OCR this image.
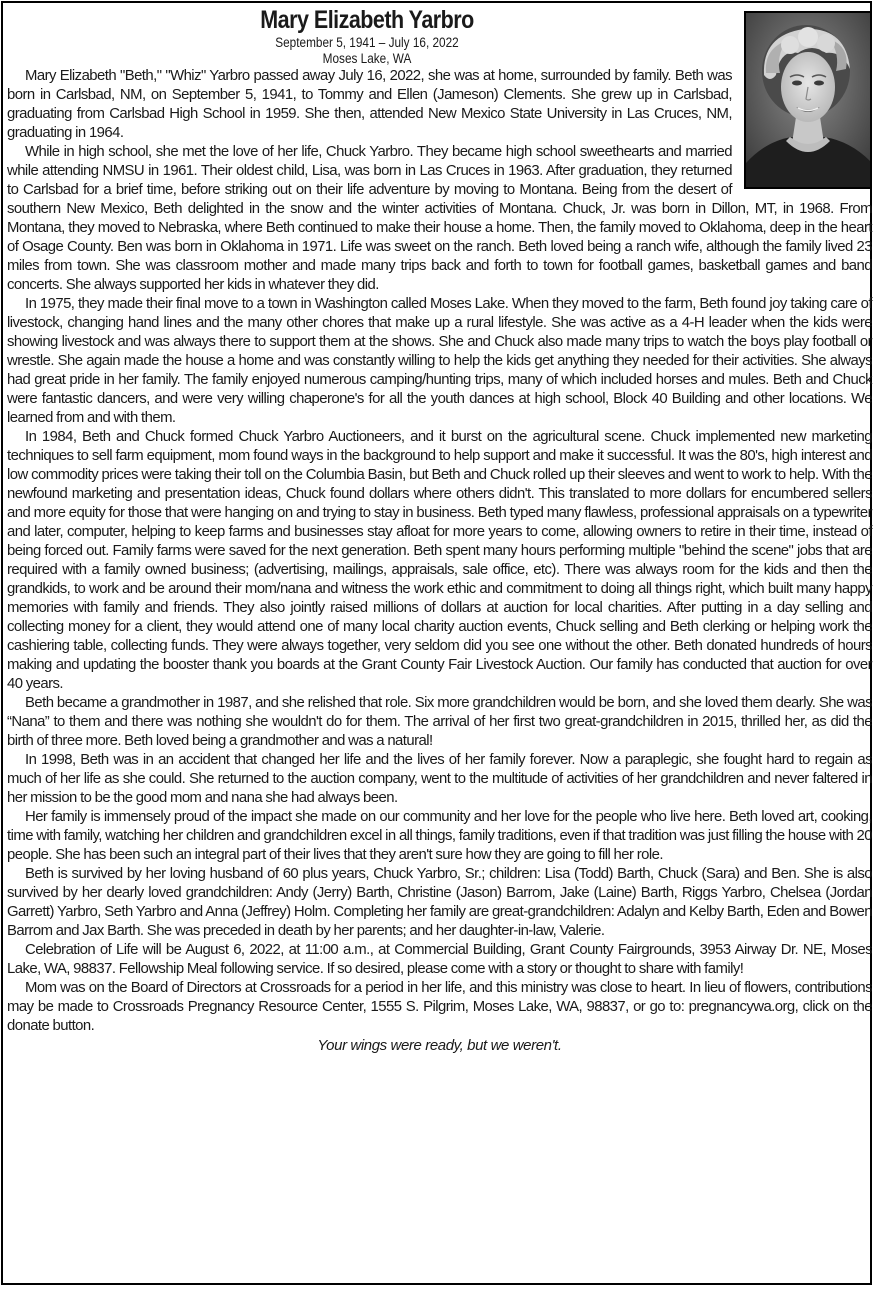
Mary Elizabeth Yarbro
September 5, 1941 – July 16, 2022
Moses Lake, WA

Mary Elizabeth "Beth," "Whiz" Yarbro passed away July 16, 2022, she was at home, surrounded by family. Beth was born in Carlsbad, NM, on September 5, 1941, to Tommy and Ellen (Jameson) Clements. She grew up in Carlsbad, graduating from Carlsbad High School in 1959. She then, attended New Mexico State University in Las Cruces, NM, graduating in 1964.

While in high school, she met the love of her life, Chuck Yarbro. They became high school sweethearts and married while attending NMSU in 1961. Their oldest child, Lisa, was born in Las Cruces in 1963. After graduation, they returned to Carlsbad for a brief time, before striking out on their life adventure by moving to Montana. Being from the desert of southern New Mexico, Beth delighted in the snow and the winter activities of Montana. Chuck, Jr. was born in Dillon, MT, in 1968. From Montana, they moved to Nebraska, where Beth continued to make their house a home. Then, the family moved to Oklahoma, deep in the heart of Osage County. Ben was born in Oklahoma in 1971. Life was sweet on the ranch. Beth loved being a ranch wife, although the family lived 23 miles from town. She was classroom mother and made many trips back and forth to town for football games, basketball games and band concerts. She always supported her kids in whatever they did.

In 1975, they made their final move to a town in Washington called Moses Lake. When they moved to the farm, Beth found joy taking care of livestock, changing hand lines and the many other chores that make up a rural lifestyle. She was active as a 4-H leader when the kids were showing livestock and was always there to support them at the shows. She and Chuck also made many trips to watch the boys play football or wrestle. She again made the house a home and was constantly willing to help the kids get anything they needed for their activities. She always had great pride in her family. The family enjoyed numerous camping/hunting trips, many of which included horses and mules. Beth and Chuck were fantastic dancers, and were very willing chaperone's for all the youth dances at high school, Block 40 Building and other locations. We learned from and with them.

In 1984, Beth and Chuck formed Chuck Yarbro Auctioneers, and it burst on the agricultural scene. Chuck implemented new marketing techniques to sell farm equipment, mom found ways in the background to help support and make it successful. It was the 80's, high interest and low commodity prices were taking their toll on the Columbia Basin, but Beth and Chuck rolled up their sleeves and went to work to help. With the newfound marketing and presentation ideas, Chuck found dollars where others didn't. This translated to more dollars for encumbered sellers and more equity for those that were hanging on and trying to stay in business. Beth typed many flawless, professional appraisals on a typewriter and later, computer, helping to keep farms and businesses stay afloat for more years to come, allowing owners to retire in their time, instead of being forced out. Family farms were saved for the next generation. Beth spent many hours performing multiple "behind the scene" jobs that are required with a family owned business; (advertising, mailings, appraisals, sale office, etc). There was always room for the kids and then the grandkids, to work and be around their mom/nana and witness the work ethic and commitment to doing all things right, which built many happy memories with family and friends. They also jointly raised millions of dollars at auction for local charities. After putting in a day selling and collecting money for a client, they would attend one of many local charity auction events, Chuck selling and Beth clerking or helping work the cashiering table, collecting funds. They were always together, very seldom did you see one without the other. Beth donated hundreds of hours making and updating the booster thank you boards at the Grant County Fair Livestock Auction. Our family has conducted that auction for over 40 years.

Beth became a grandmother in 1987, and she relished that role. Six more grandchildren would be born, and she loved them dearly. She was “Nana” to them and there was nothing she wouldn't do for them. The arrival of her first two great-grandchildren in 2015, thrilled her, as did the birth of three more. Beth loved being a grandmother and was a natural!

In 1998, Beth was in an accident that changed her life and the lives of her family forever. Now a paraplegic, she fought hard to regain as much of her life as she could. She returned to the auction company, went to the multitude of activities of her grandchildren and never faltered in her mission to be the good mom and nana she had always been.

Her family is immensely proud of the impact she made on our community and her love for the people who live here. Beth loved art, cooking, time with family, watching her children and grandchildren excel in all things, family traditions, even if that tradition was just filling the house with 20 people. She has been such an integral part of their lives that they aren't sure how they are going to fill her role.

Beth is survived by her loving husband of 60 plus years, Chuck Yarbro, Sr.; children: Lisa (Todd) Barth, Chuck (Sara) and Ben. She is also survived by her dearly loved grandchildren: Andy (Jerry) Barth, Christine (Jason) Barrom, Jake (Laine) Barth, Riggs Yarbro, Chelsea (Jordan Garrett) Yarbro, Seth Yarbro and Anna (Jeffrey) Holm. Completing her family are great-grandchildren: Adalyn and Kelby Barth, Eden and Bowen Barrom and Jax Barth. She was preceded in death by her parents; and her daughter-in-law, Valerie.

Celebration of Life will be August 6, 2022, at 11:00 a.m., at Commercial Building, Grant County Fairgrounds, 3953 Airway Dr. NE, Moses Lake, WA, 98837. Fellowship Meal following service. If so desired, please come with a story or thought to share with family!

Mom was on the Board of Directors at Crossroads for a period in her life, and this ministry was close to heart. In lieu of flowers, contributions may be made to Crossroads Pregnancy Resource Center, 1555 S. Pilgrim, Moses Lake, WA, 98837, or go to: pregnancywa.org, click on the donate button.

Your wings were ready, but we weren't.
